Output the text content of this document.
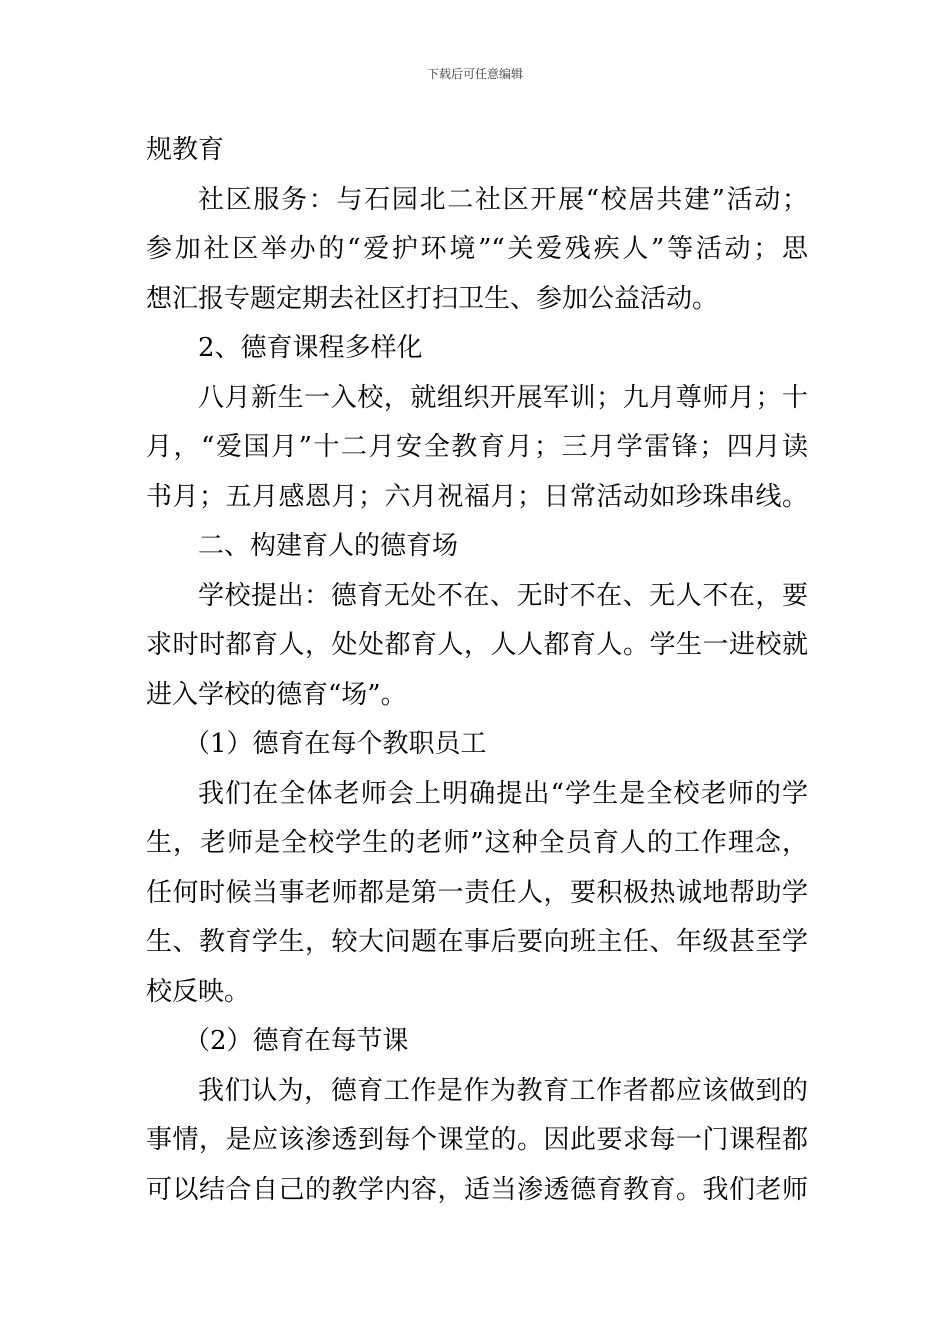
下载后可任意编辑
规教育
社区服务：与石园北二社区开展“校居共建”活动；
参加社区举办的“爱护环境”“关爱残疾人”等活动；思
想汇报专题定期去社区打扫卫生、参加公益活动。
2、德育课程多样化
八月新生一入校，就组织开展军训；九月尊师月；十
月，“爱国月”十二月安全教育月；三月学雷锋；四月读
书月；五月感恩月；六月祝福月；日常活动如珍珠串线。
二、构建育人的德育场
学校提出：德育无处不在、无时不在、无人不在，要
求时时都育人，处处都育人，人人都育人。学生一进校就
进入学校的德育“场”。
（1）德育在每个教职员工
我们在全体老师会上明确提出“学生是全校老师的学
生，老师是全校学生的老师”这种全员育人的工作理念，
任何时候当事老师都是第一责任人，要积极热诚地帮助学
生、教育学生，较大问题在事后要向班主任、年级甚至学
校反映。
（2）德育在每节课
我们认为，德育工作是作为教育工作者都应该做到的
事情，是应该渗透到每个课堂的。因此要求每一门课程都
可以结合自己的教学内容，适当渗透德育教育。我们老师
